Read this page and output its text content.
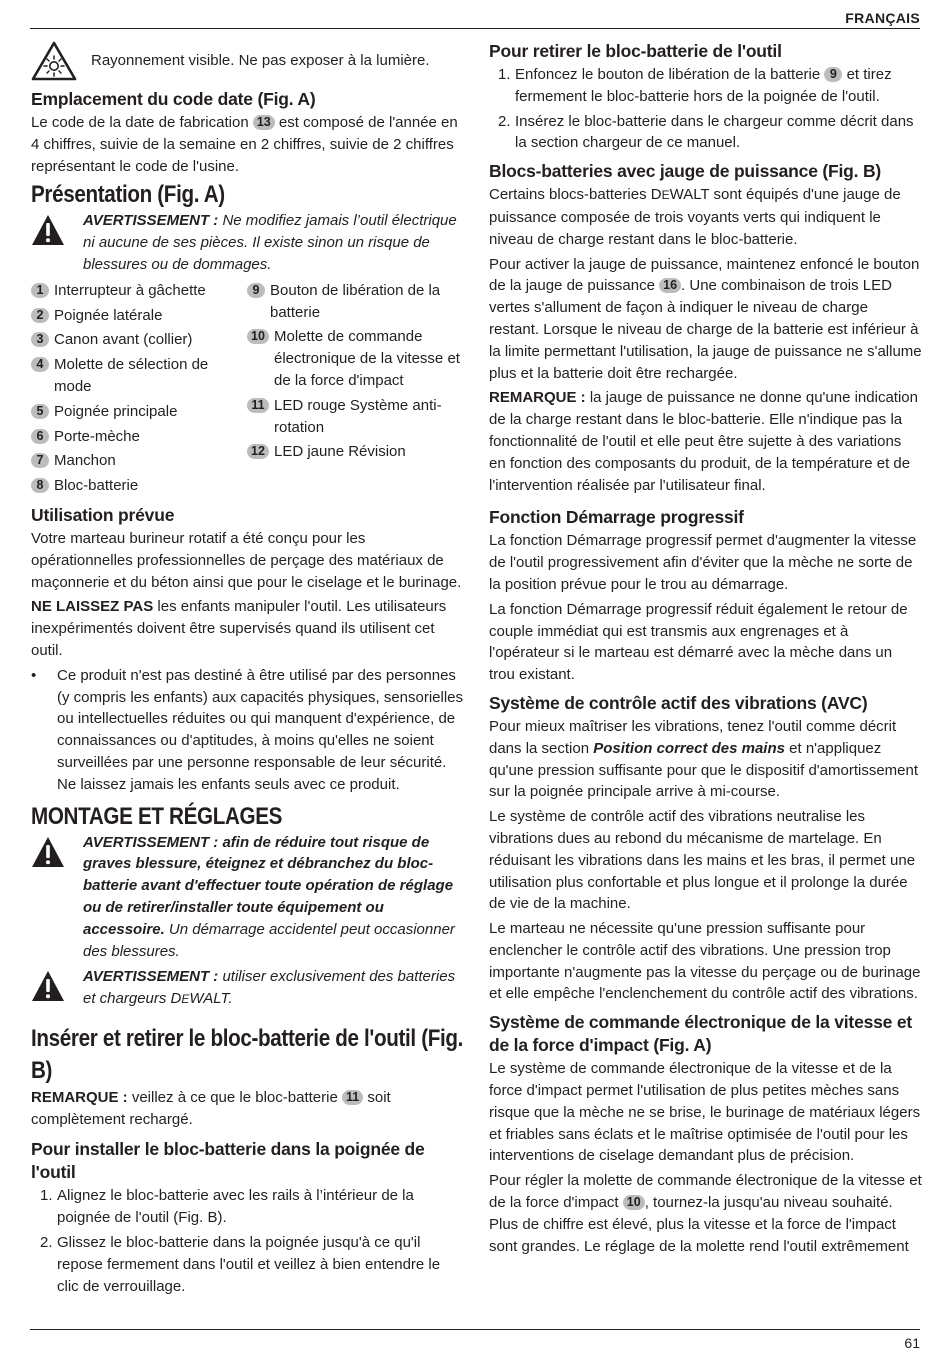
FRANÇAIS
Rayonnement visible. Ne pas exposer à la lumière.
Emplacement du code date (Fig. A)

Le code de la date de fabrication 13 est composé de l'année en 4 chiffres, suivie de la semaine en 2 chiffres, suivie de 2 chiffres représentant le code de l'usine.

Présentation (Fig. A)
AVERTISSEMENT : Ne modifiez jamais l’outil électrique ni aucune de ses pièces. Il existe sinon un risque de blessures ou de dommages.
1 Interrupteur à gâchette
2 Poignée latérale
3 Canon avant (collier)
4 Molette de sélection de mode
5 Poignée principale
6 Porte-mèche
7 Manchon
8 Bloc-batterie
9 Bouton de libération de la batterie
10 Molette de commande électronique de la vitesse et de la force d'impact
11 LED rouge Système anti-rotation
12 LED jaune Révision
Utilisation prévue

Votre marteau burineur rotatif a été conçu pour les opérationnelles professionnelles de perçage des matériaux de maçonnerie et du béton ainsi que pour le ciselage et le burinage.

NE LAISSEZ PAS les enfants manipuler l'outil. Les utilisateurs inexpérimentés doivent être supervisés quand ils utilisent cet outil.

•	Ce produit n'est pas destiné à être utilisé par des personnes (y compris les enfants) aux capacités physiques, sensorielles ou intellectuelles réduites ou qui manquent d'expérience, de connaissances ou d'aptitudes, à moins qu'elles ne soient surveillées par une personne responsable de leur sécurité. Ne laissez jamais les enfants seuls avec ce produit.
MONTAGE ET RÉGLAGES
AVERTISSEMENT : afin de réduire tout risque de graves blessure, éteignez et débranchez du bloc-batterie avant d'effectuer toute opération de réglage ou de retirer/installer toute équipement ou accessoire. Un démarrage accidentel peut occasionner des blessures.
AVERTISSEMENT : utiliser exclusivement des batteries et chargeurs DEWALT.
Insérer et retirer le bloc-batterie de l'outil (Fig. B)

REMARQUE : veillez à ce que le bloc-batterie 11 soit complètement rechargé.

Pour installer le bloc-batterie dans la poignée de l'outil
1. Alignez le bloc-batterie avec les rails à l’intérieur de la poignée de l'outil (Fig. B).
2. Glissez le bloc-batterie dans la poignée jusqu'à ce qu'il repose fermement dans l'outil et veillez à bien entendre le clic de verrouillage.
Pour retirer le bloc-batterie de l'outil
1. Enfoncez le bouton de libération de la batterie 9 et tirez fermement le bloc-batterie hors de la poignée de l'outil.
2. Insérez le bloc-batterie dans le chargeur comme décrit dans la section chargeur de ce manuel.
Blocs-batteries avec jauge de puissance (Fig. B)

Certains blocs-batteries DEWALT sont équipés d'une jauge de puissance composée de trois voyants verts qui indiquent le niveau de charge restant dans le bloc-batterie.

Pour activer la jauge de puissance, maintenez enfoncé le bouton de la jauge de puissance 16 . Une combinaison de trois LED vertes s'allument de façon à indiquer le niveau de charge restant. Lorsque le niveau de charge de la batterie est inférieur à la limite permettant l'utilisation, la jauge de puissance ne s'allume plus et la batterie doit être rechargée.

REMARQUE : la jauge de puissance ne donne qu'une indication de la charge restant dans le bloc-batterie. Elle n'indique pas la fonctionnalité de l'outil et elle peut être sujette à des variations en fonction des composants du produit, de la température et de l'intervention réalisée par l'utilisateur final.

Fonction Démarrage progressif

La fonction Démarrage progressif permet d'augmenter la vitesse de l'outil progressivement afin d'éviter que la mèche ne sorte de la position prévue pour le trou au démarrage.

La fonction Démarrage progressif réduit également le retour de couple immédiat qui est transmis aux engrenages et à l'opérateur si le marteau est démarré avec la mèche dans un trou existant.

Système de contrôle actif des vibrations (AVC)

Pour mieux maîtriser les vibrations, tenez l'outil comme décrit dans la section Position correct des mains et n'appliquez qu'une pression suffisante pour que le dispositif d'amortissement sur la poignée principale arrive à mi-course.

Le système de contrôle actif des vibrations neutralise les vibrations dues au rebond du mécanisme de martelage. En réduisant les vibrations dans les mains et les bras, il permet une utilisation plus confortable et plus longue et il prolonge la durée de vie de la machine.

Le marteau ne nécessite qu'une pression suffisante pour enclencher le contrôle actif des vibrations. Une pression trop importante n'augmente pas la vitesse du perçage ou de burinage et elle empêche l'enclenchement du contrôle actif des vibrations.

Système de commande électronique de la vitesse et de la force d'impact (Fig. A)

Le système de commande électronique de la vitesse et de la force d'impact permet l'utilisation de plus petites mèches sans risque que la mèche ne se brise, le burinage de matériaux légers et friables sans éclats et le maîtrise optimisée de l'outil pour les interventions de ciselage demandant plus de précision.

Pour régler la molette de commande électronique de la vitesse et de la force d'impact 10 , tournez-la jusqu'au niveau souhaité. Plus de chiffre est élevé, plus la vitesse et la force de l'impact sont grandes. Le réglage de la molette rend l'outil extrêmement

61
